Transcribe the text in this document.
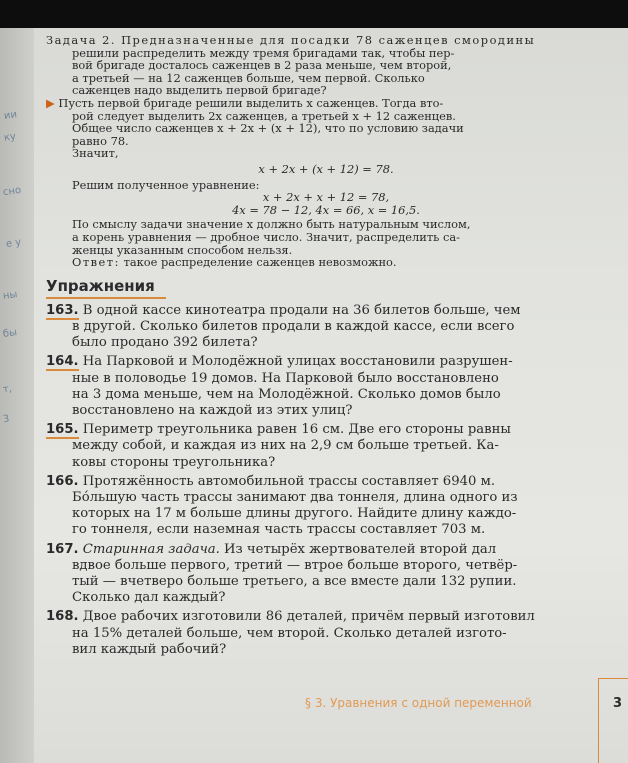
ии
ку
сно
е у
ны
бы
т,
3

Задача 2. Предназначенные для посадки 78 саженцев смородины

решили распределить между тремя бригадами так, чтобы пер-

вой бригаде досталось саженцев в 2 раза меньше, чем второй,

а третьей — на 12 саженцев больше, чем первой. Сколько

саженцев надо выделить первой бригаде?

▶ Пусть первой бригаде решили выделить x саженцев. Тогда вто-

рой следует выделить 2x саженцев, а третьей x + 12 саженцев.

Общее число саженцев x + 2x + (x + 12), что по условию задачи

равно 78.

Значит,

x + 2x + (x + 12) = 78.

Решим полученное уравнение:

x + 2x + x + 12 = 78,

4x = 78 − 12, 4x = 66, x = 16,5.

По смыслу задачи значение x должно быть натуральным числом,

а корень уравнения — дробное число. Значит, распределить са-

женцы указанным способом нельзя.

Ответ: такое распределение саженцев невозможно.

Упражнения
163. В одной кассе кинотеатра продали на 36 билетов больше, чем
в другой. Сколько билетов продали в каждой кассе, если всего
было продано 392 билета?
164. На Парковой и Молодёжной улицах восстановили разрушен-
ные в половодье 19 домов. На Парковой было восстановлено
на 3 дома меньше, чем на Молодёжной. Сколько домов было
восстановлено на каждой из этих улиц?
165. Периметр треугольника равен 16 см. Две его стороны равны
между собой, и каждая из них на 2,9 см больше третьей. Ка-
ковы стороны треугольника?
166. Протяжённость автомобильной трассы составляет 6940 м.
Бо́льшую часть трассы занимают два тоннеля, длина одного из
которых на 17 м больше длины другого. Найдите длину каждо-
го тоннеля, если наземная часть трассы составляет 703 м.
167. Старинная задача. Из четырёх жертвователей второй дал
вдвое больше первого, третий — втрое больше второго, четвёр-
тый — вчетверо больше третьего, а все вместе дали 132 рупии.
Сколько дал каждый?
168. Двое рабочих изготовили 86 деталей, причём первый изготовил
на 15% деталей больше, чем второй. Сколько деталей изгото-
вил каждый рабочий?
§ 3. Уравнения с одной переменной	3
